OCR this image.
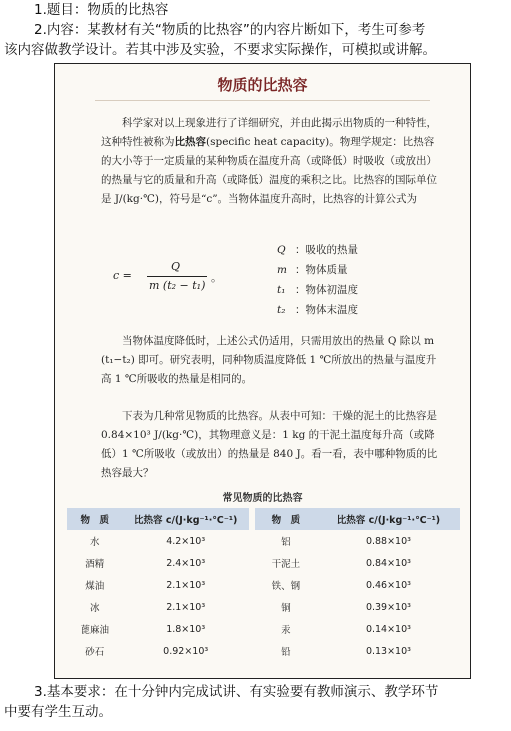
1.题目：物质的比热容
2.内容：某教材有关“物质的比热容”的内容片断如下，考生可参考
该内容做教学设计。若其中涉及实验，不要求实际操作，可模拟或讲解。
物质的比热容
科学家对以上现象进行了详细研究，并由此揭示出物质的一种特性，这种特性被称为比热容(specific heat capacity)。物理学规定：比热容的大小等于一定质量的某种物质在温度升高（或降低）时吸收（或放出）的热量与它的质量和升高（或降低）温度的乘积之比。比热容的国际单位是 J/(kg·℃)，符号是“c”。当物体温度升高时，比热容的计算公式为
c =
Q
m (t₂ − t₁)
。
Q ：吸收的热量
m ：物体质量
t₁ ：物体初温度
t₂ ：物体末温度
当物体温度降低时，上述公式仍适用，只需用放出的热量 Q 除以 m (t₁−t₂) 即可。研究表明，同种物质温度降低 1 ℃所放出的热量与温度升高 1 ℃所吸收的热量是相同的。
下表为几种常见物质的比热容。从表中可知：干燥的泥土的比热容是 0.84×10³ J/(kg·℃)，其物理意义是：1 kg 的干泥土温度每升高（或降低）1 ℃所吸收（或放出）的热量是 840 J。看一看，表中哪种物质的比热容最大？
常见物质的比热容
物　质	比热容 c/(J·kg⁻¹·℃⁻¹)	物　质	比热容 c/(J·kg⁻¹·℃⁻¹)
水	4.2×10³	铝	0.88×10³
酒精	2.4×10³	干泥土	0.84×10³
煤油	2.1×10³	铁、钢	0.46×10³
冰	2.1×10³	铜	0.39×10³
蓖麻油	1.8×10³	汞	0.14×10³
砂石	0.92×10³	铅	0.13×10³
3.基本要求：在十分钟内完成试讲、有实验要有教师演示、教学环节
中要有学生互动。
